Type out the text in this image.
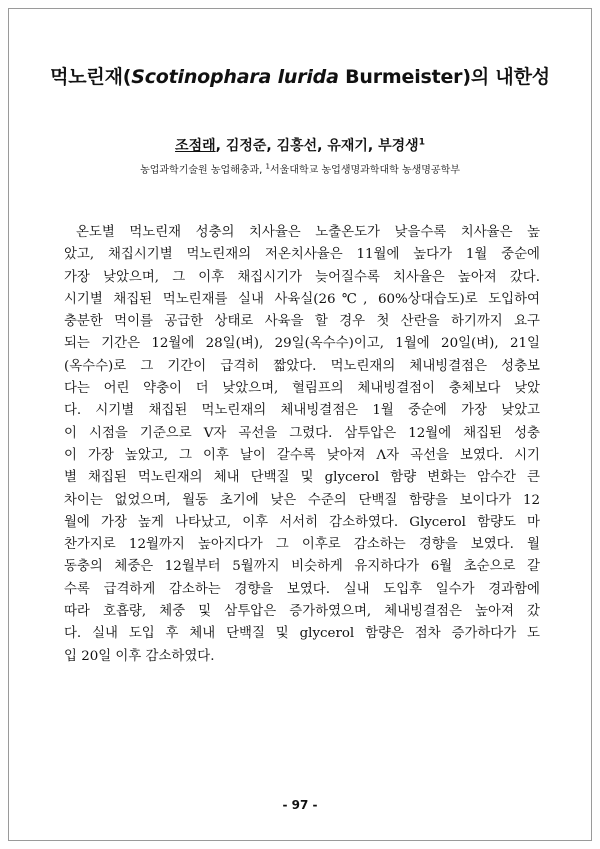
먹노린재(Scotinophara lurida Burmeister)의 내한성
조점래, 김정준, 김홍선, 유재기, 부경생$^1$
농업과학기술원 농업해충과, $^1$서울대학교 농업생명과학대학 농생명공학부
온도별 먹노린재 성충의 치사율은 노출온도가 낮을수록 치사율은 높
았고, 채집시기별 먹노린재의 저온치사율은 11월에 높다가 1월 중순에
가장 낮았으며, 그 이후 채집시기가 늦어질수록 치사율은 높아져 갔다.
시기별 채집된 먹노린재를 실내 사육실(26℃, 60%상대습도)로 도입하여
충분한 먹이를 공급한 상태로 사육을 할 경우 첫 산란을 하기까지 요구
되는 기간은 12월에 28일(벼), 29일(옥수수)이고, 1월에 20일(벼), 21일
(옥수수)로 그 기간이 급격히 짧았다. 먹노린재의 체내빙결점은 성충보
다는 어린 약충이 더 낮았으며, 혈림프의 체내빙결점이 충체보다 낮았
다. 시기별 채집된 먹노린재의 체내빙결점은 1월 중순에 가장 낮았고
이 시점을 기준으로 V자 곡선을 그렸다. 삼투압은 12월에 채집된 성충
이 가장 높았고, 그 이후 날이 갈수록 낮아져 Λ자 곡선을 보였다. 시기
별 채집된 먹노린재의 체내 단백질 및 glycerol 함량 변화는 암수간 큰
차이는 없었으며, 월동 초기에 낮은 수준의 단백질 함량을 보이다가 12
월에 가장 높게 나타났고, 이후 서서히 감소하였다. Glycerol 함량도 마
찬가지로 12월까지 높아지다가 그 이후로 감소하는 경향을 보였다. 월
동충의 체중은 12월부터 5월까지 비슷하게 유지하다가 6월 초순으로 갈
수록 급격하게 감소하는 경향을 보였다. 실내 도입후 일수가 경과함에
따라 호흡량, 체중 및 삼투압은 증가하였으며, 체내빙결점은 높아져 갔
다. 실내 도입 후 체내 단백질 및 glycerol 함량은 점차 증가하다가 도
입 20일 이후 감소하였다.
- 97 -
